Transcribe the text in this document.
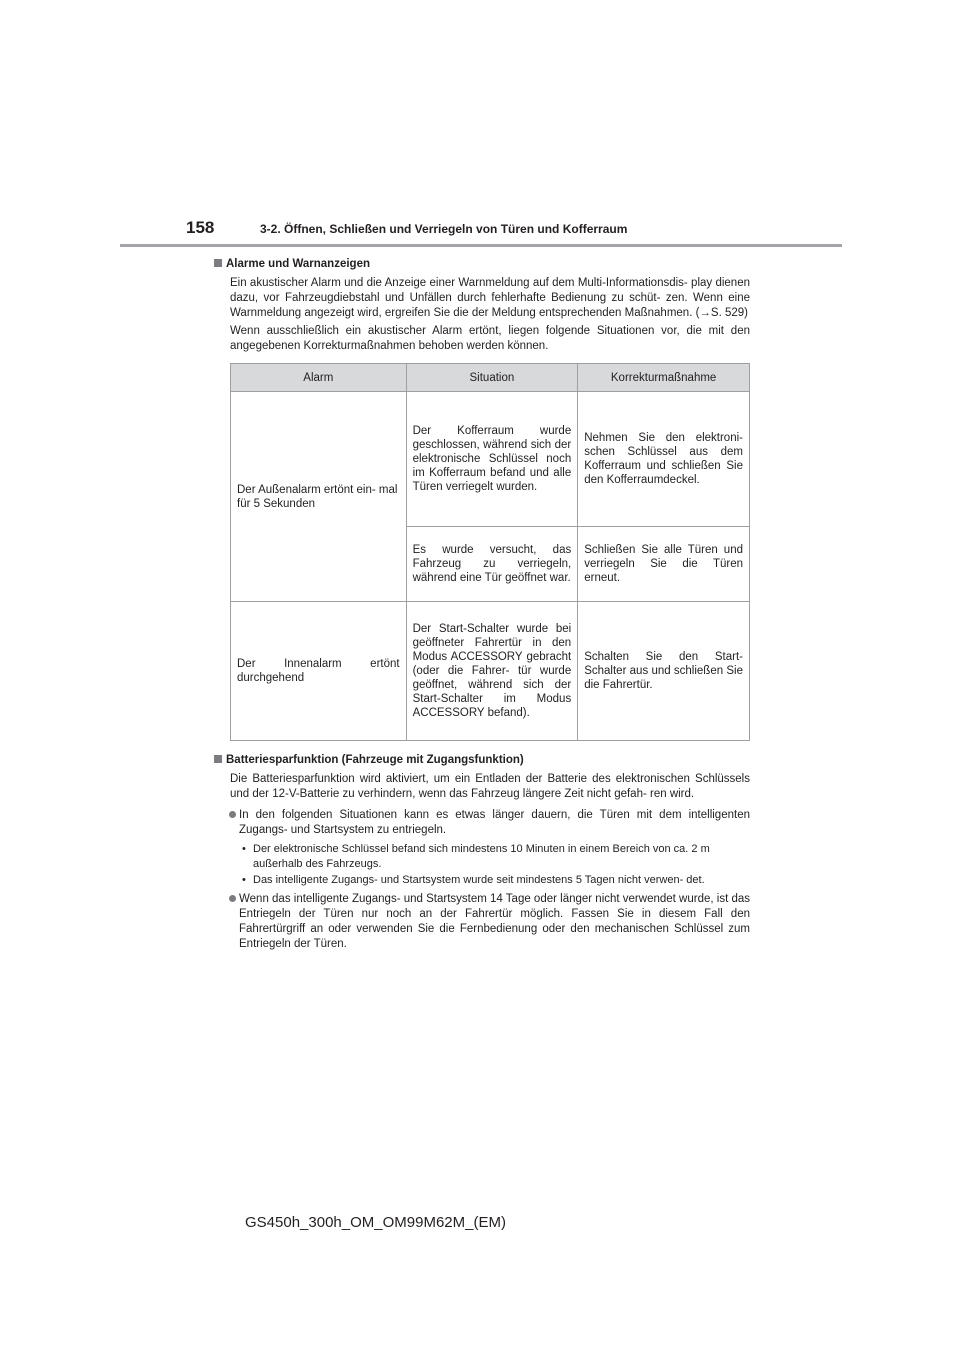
158	3-2. Öffnen, Schließen und Verriegeln von Türen und Kofferraum
Alarme und Warnanzeigen

Ein akustischer Alarm und die Anzeige einer Warnmeldung auf dem Multi-Informationsdis- play dienen dazu, vor Fahrzeugdiebstahl und Unfällen durch fehlerhafte Bedienung zu schüt- zen. Wenn eine Warnmeldung angezeigt wird, ergreifen Sie die der Meldung entsprechenden Maßnahmen. (→S. 529)

Wenn ausschließlich ein akustischer Alarm ertönt, liegen folgende Situationen vor, die mit den angegebenen Korrekturmaßnahmen behoben werden können.

Alarm	Situation	Korrekturmaßnahme
Der Außenalarm ertönt ein- mal für 5 Sekunden	Der Kofferraum wurde geschlossen, während sich der elektronische Schlüssel noch im Kofferraum befand und alle Türen verriegelt wurden.	Nehmen Sie den elektroni- schen Schlüssel aus dem Kofferraum und schließen Sie den Kofferraumdeckel.
	Es wurde versucht, das Fahrzeug zu verriegeln, während eine Tür geöffnet war.	Schließen Sie alle Türen und verriegeln Sie die Türen erneut.
Der Innenalarm ertönt durchgehend	Der Start-Schalter wurde bei geöffneter Fahrertür in den Modus ACCESSORY gebracht (oder die Fahrer- tür wurde geöffnet, während sich der Start-Schalter im Modus ACCESSORY befand).	Schalten Sie den Start- Schalter aus und schließen Sie die Fahrertür.
Batteriesparfunktion (Fahrzeuge mit Zugangsfunktion)

Die Batteriesparfunktion wird aktiviert, um ein Entladen der Batterie des elektronischen Schlüssels und der 12-V-Batterie zu verhindern, wenn das Fahrzeug längere Zeit nicht gefah- ren wird.

In den folgenden Situationen kann es etwas länger dauern, die Türen mit dem intelligenten Zugangs- und Startsystem zu entriegeln.
• Der elektronische Schlüssel befand sich mindestens 10 Minuten in einem Bereich von ca. 2 m außerhalb des Fahrzeugs.
• Das intelligente Zugangs- und Startsystem wurde seit mindestens 5 Tagen nicht verwen- det.
Wenn das intelligente Zugangs- und Startsystem 14 Tage oder länger nicht verwendet wurde, ist das Entriegeln der Türen nur noch an der Fahrertür möglich. Fassen Sie in diesem Fall den Fahrertürgriff an oder verwenden Sie die Fernbedienung oder den mechanischen Schlüssel zum Entriegeln der Türen.
GS450h_300h_OM_OM99M62M_(EM)
